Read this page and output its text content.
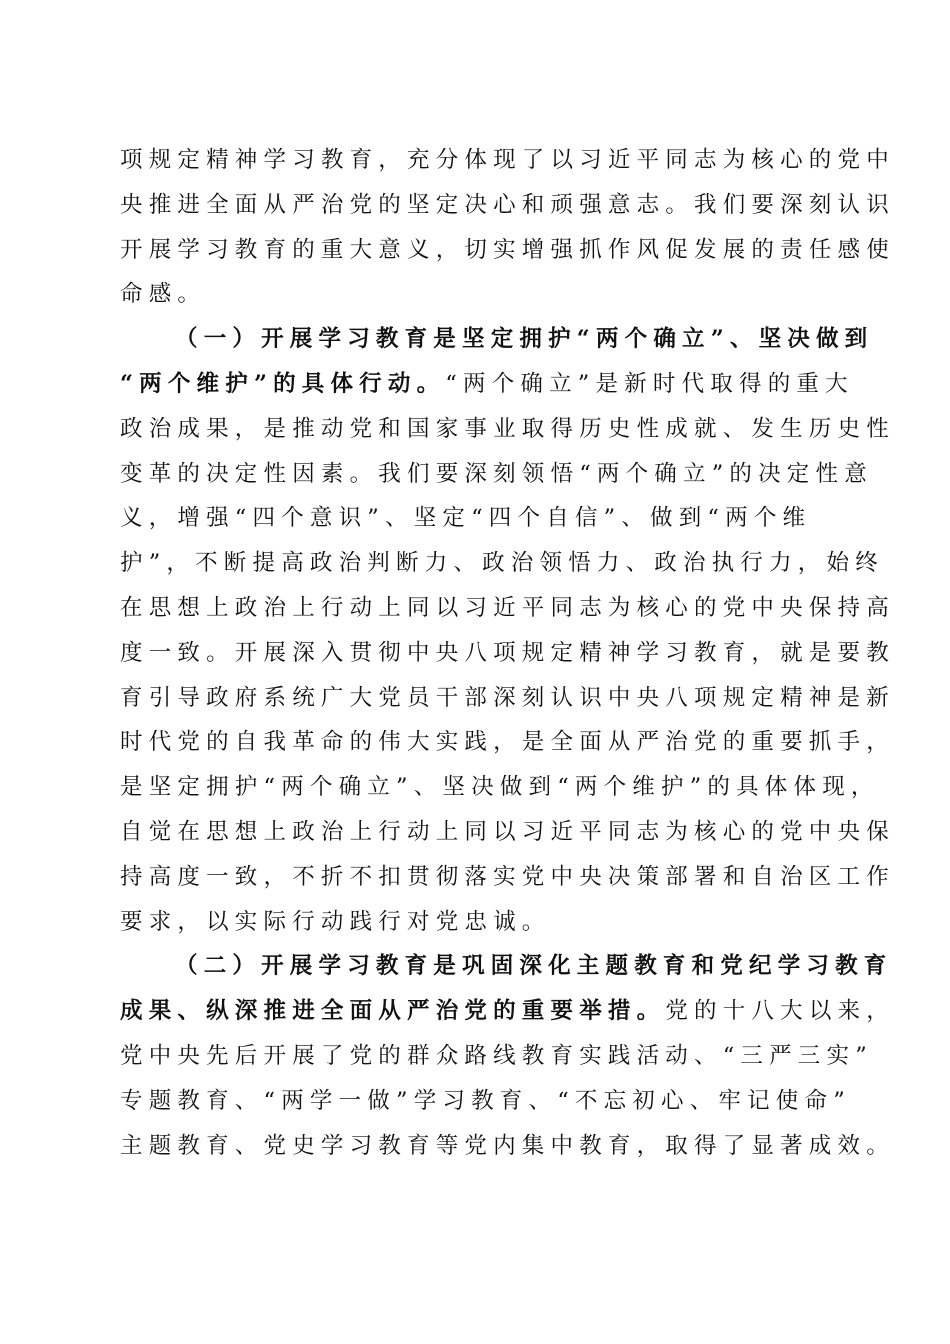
项规定精神学习教育，充分体现了以习近平同志为核心的党中
央推进全面从严治党的坚定决心和顽强意志。我们要深刻认识
开展学习教育的重大意义，切实增强抓作风促发展的责任感使
命感。
（一）开展学习教育是坚定拥护“两个确立”、坚决做到
“两个维护”的具体行动。“两个确立”是新时代取得的重大
政治成果，是推动党和国家事业取得历史性成就、发生历史性
变革的决定性因素。我们要深刻领悟“两个确立”的决定性意
义，增强“四个意识”、坚定“四个自信”、做到“两个维
护”，不断提高政治判断力、政治领悟力、政治执行力，始终
在思想上政治上行动上同以习近平同志为核心的党中央保持高
度一致。开展深入贯彻中央八项规定精神学习教育，就是要教
育引导政府系统广大党员干部深刻认识中央八项规定精神是新
时代党的自我革命的伟大实践，是全面从严治党的重要抓手，
是坚定拥护“两个确立”、坚决做到“两个维护”的具体体现，
自觉在思想上政治上行动上同以习近平同志为核心的党中央保
持高度一致，不折不扣贯彻落实党中央决策部署和自治区工作
要求，以实际行动践行对党忠诚。
（二）开展学习教育是巩固深化主题教育和党纪学习教育
成果、纵深推进全面从严治党的重要举措。党的十八大以来，
党中央先后开展了党的群众路线教育实践活动、“三严三实”
专题教育、“两学一做”学习教育、“不忘初心、牢记使命”
主题教育、党史学习教育等党内集中教育，取得了显著成效。
